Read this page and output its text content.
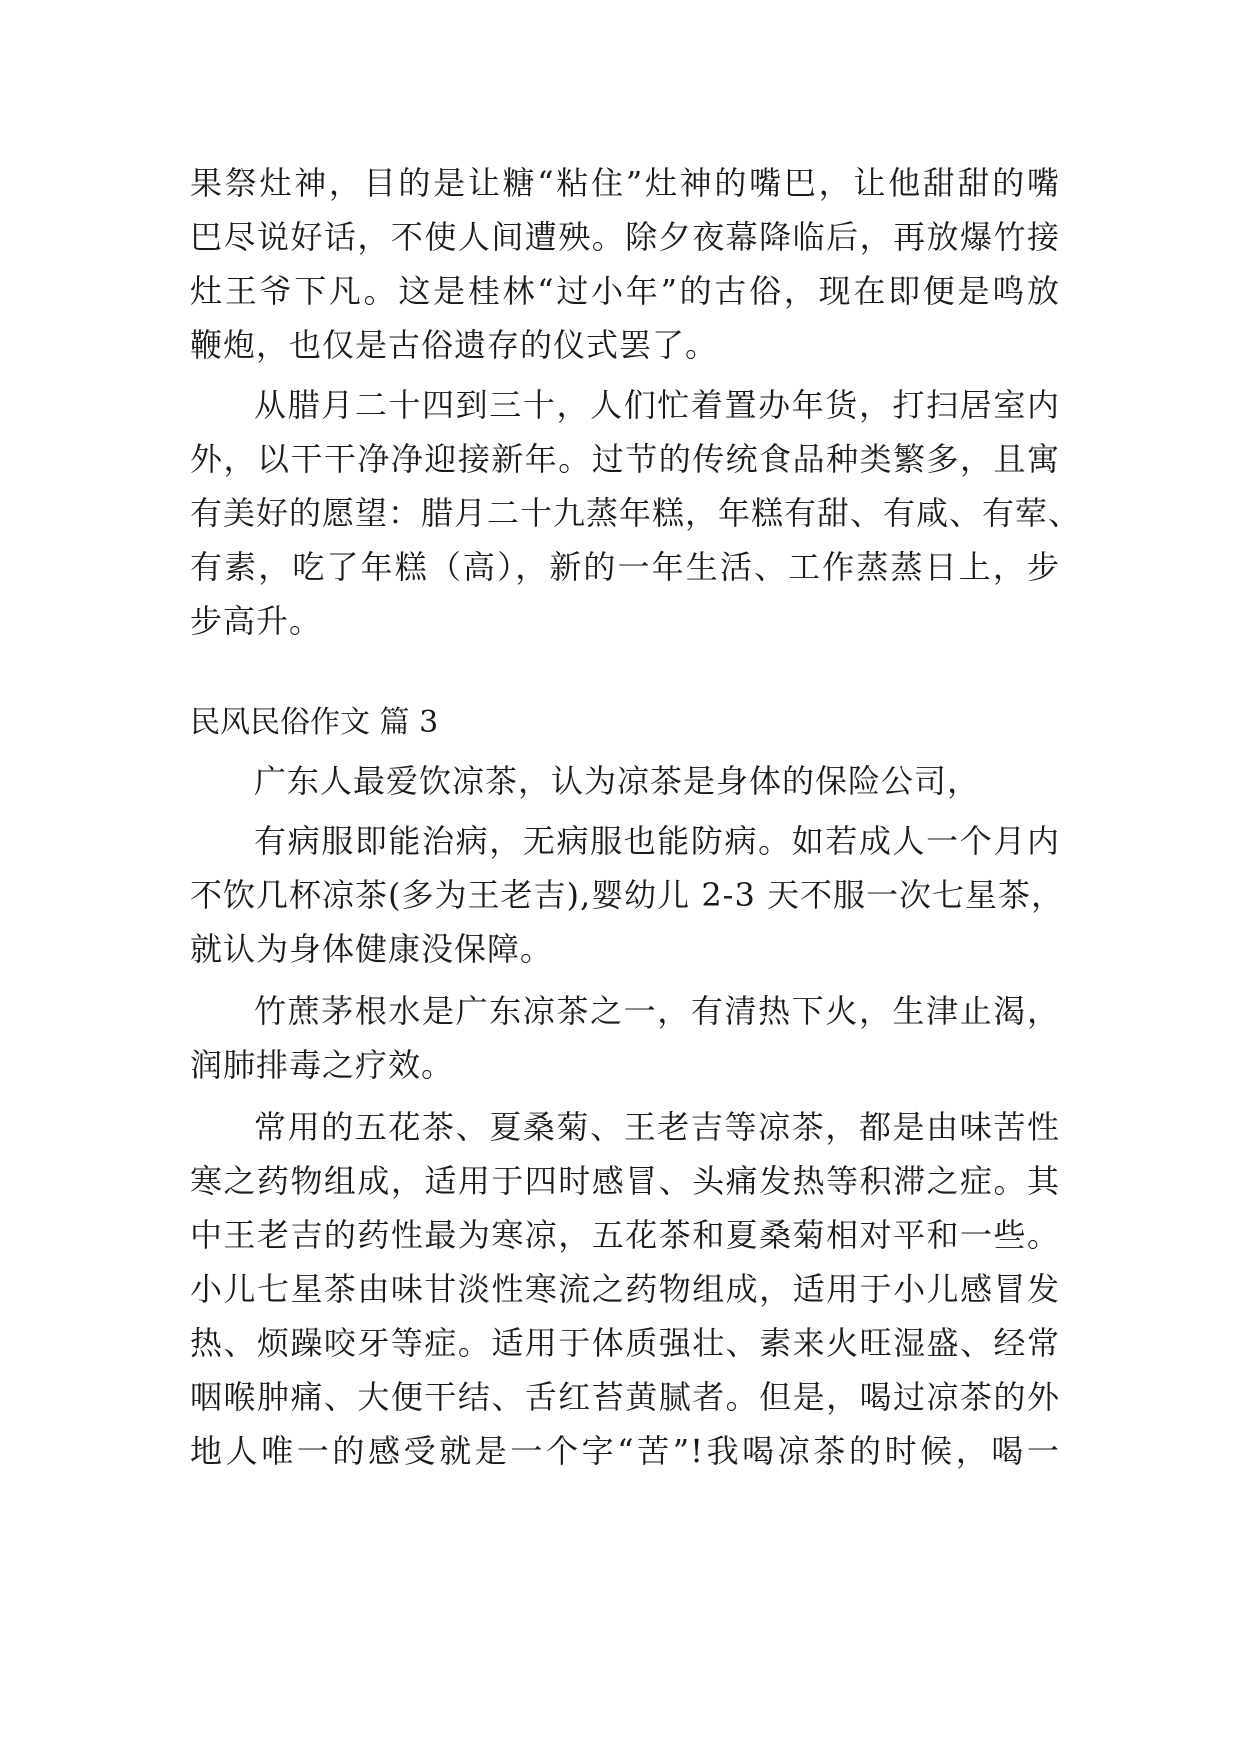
果祭灶神，目的是让糖“粘住”灶神的嘴巴，让他甜甜的嘴
巴尽说好话，不使人间遭殃。除夕夜幕降临后，再放爆竹接
灶王爷下凡。这是桂林“过小年”的古俗，现在即便是鸣放
鞭炮，也仅是古俗遗存的仪式罢了。
从腊月二十四到三十，人们忙着置办年货，打扫居室内
外，以干干净净迎接新年。过节的传统食品种类繁多，且寓
有美好的愿望：腊月二十九蒸年糕，年糕有甜、有咸、有荤、
有素，吃了年糕（高），新的一年生活、工作蒸蒸日上，步
步高升。
民风民俗作文 篇 3
广东人最爱饮凉茶，认为凉茶是身体的保险公司，
有病服即能治病，无病服也能防病。如若成人一个月内
不饮几杯凉茶(多为王老吉),婴幼儿 2-3 天不服一次七星茶，
就认为身体健康没保障。
竹蔗茅根水是广东凉茶之一，有清热下火，生津止渴，
润肺排毒之疗效。
常用的五花茶、夏桑菊、王老吉等凉茶，都是由味苦性
寒之药物组成，适用于四时感冒、头痛发热等积滞之症。其
中王老吉的药性最为寒凉，五花茶和夏桑菊相对平和一些。
小儿七星茶由味甘淡性寒流之药物组成，适用于小儿感冒发
热、烦躁咬牙等症。适用于体质强壮、素来火旺湿盛、经常
咽喉肿痛、大便干结、舌红苔黄腻者。但是，喝过凉茶的外
地人唯一的感受就是一个字“苦”!我喝凉茶的时候，喝一
